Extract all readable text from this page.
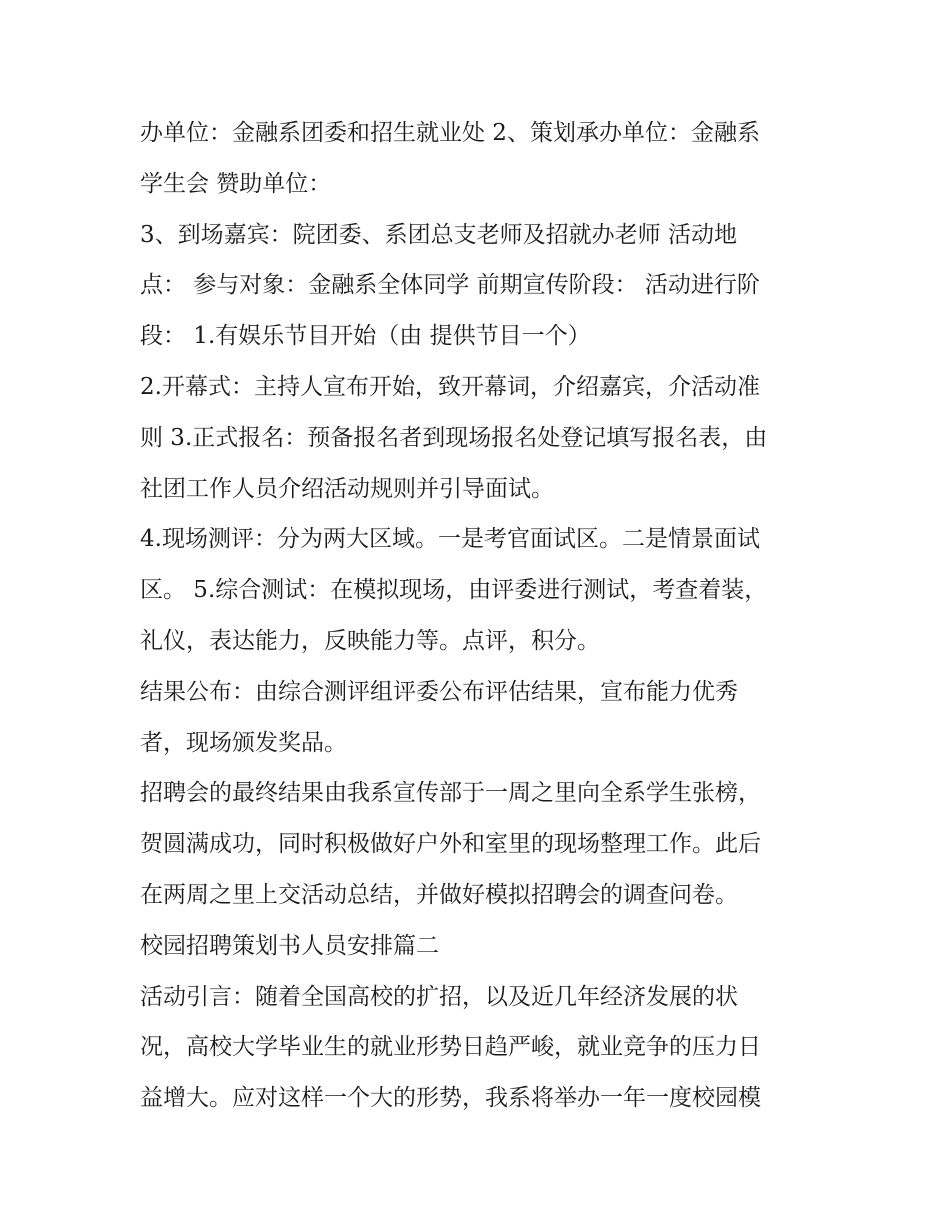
办单位：金融系团委和招生就业处 2、策划承办单位：金融系
学生会 赞助单位：
3、到场嘉宾：院团委、系团总支老师及招就办老师 活动地
点： 参与对象：金融系全体同学 前期宣传阶段： 活动进行阶
段： 1.有娱乐节目开始（由 提供节目一个）
2.开幕式：主持人宣布开始，致开幕词，介绍嘉宾，介活动准
则 3.正式报名：预备报名者到现场报名处登记填写报名表，由
社团工作人员介绍活动规则并引导面试。
4.现场测评：分为两大区域。一是考官面试区。二是情景面试
区。 5.综合测试：在模拟现场，由评委进行测试，考查着装，
礼仪，表达能力，反映能力等。点评，积分。
结果公布：由综合测评组评委公布评估结果，宣布能力优秀
者，现场颁发奖品。
招聘会的最终结果由我系宣传部于一周之里向全系学生张榜，
贺圆满成功，同时积极做好户外和室里的现场整理工作。此后
在两周之里上交活动总结，并做好模拟招聘会的调查问卷。
校园招聘策划书人员安排篇二
活动引言：随着全国高校的扩招，以及近几年经济发展的状
况，高校大学毕业生的就业形势日趋严峻，就业竞争的压力日
益增大。应对这样一个大的形势，我系将举办一年一度校园模
